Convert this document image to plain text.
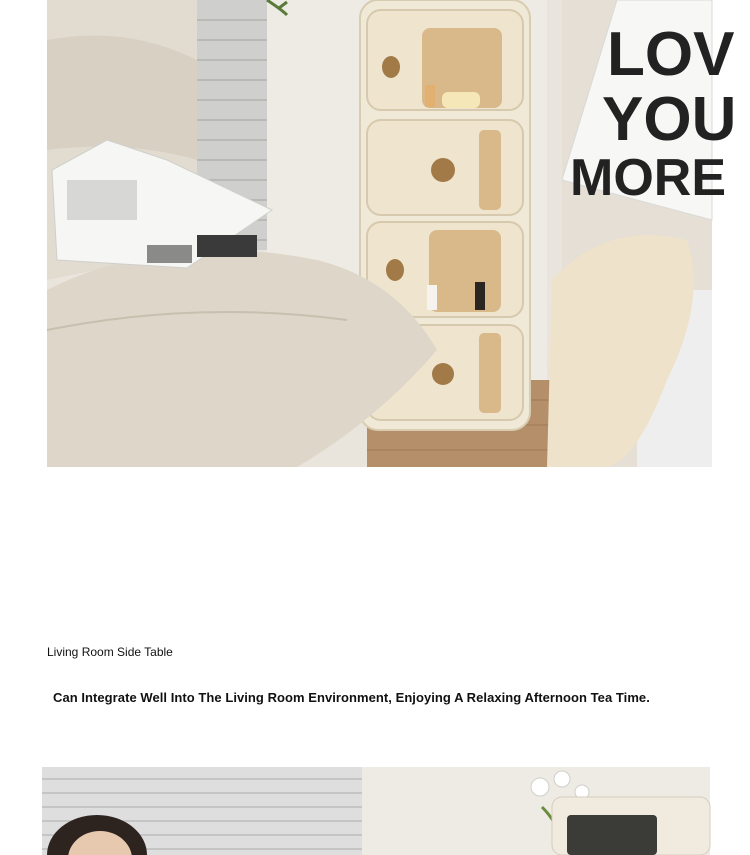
LOV
YOU
MORE
Living Room Side Table
Can Integrate Well Into The Living Room Environment, Enjoying A Relaxing Afternoon Tea Time.
